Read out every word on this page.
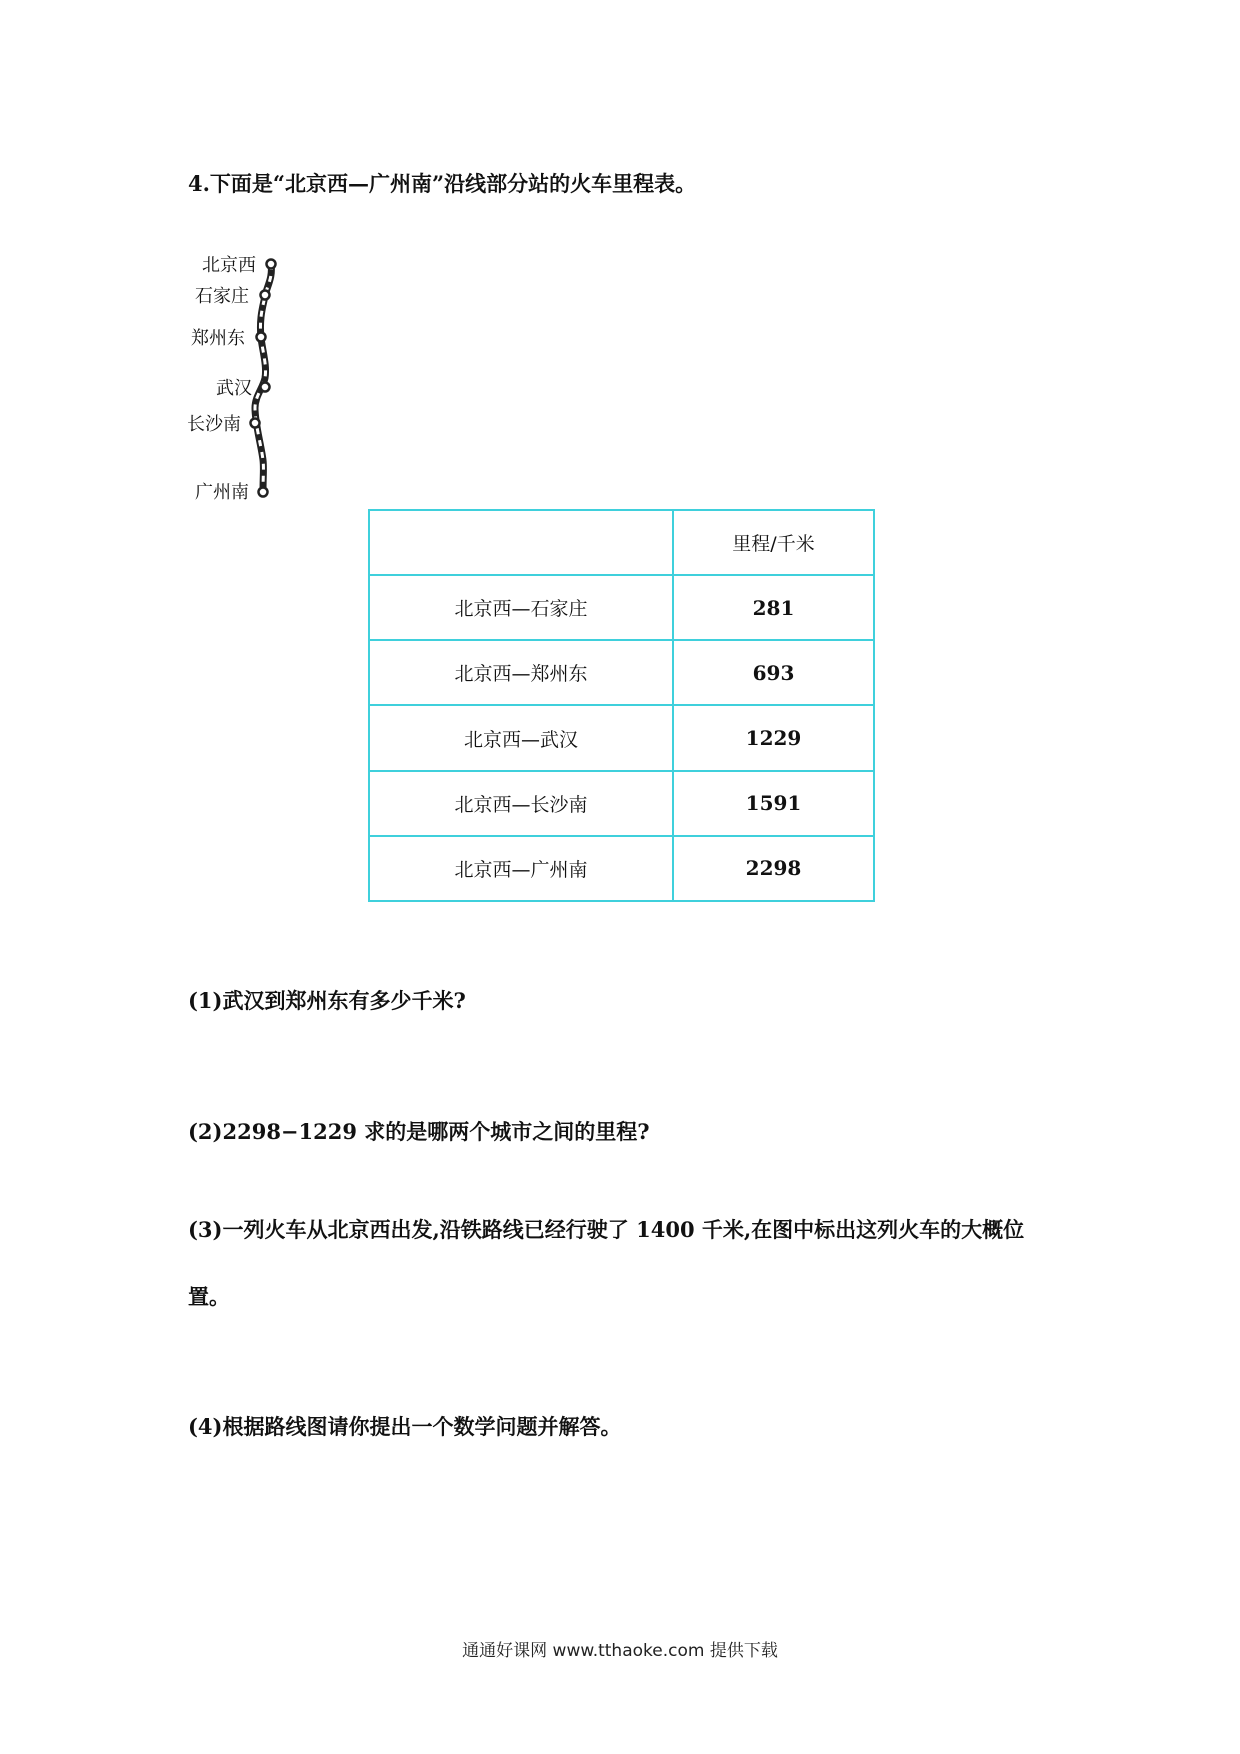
4.下面是“北京西—广州南”沿线部分站的火车里程表。
北京西
石家庄
郑州东
武汉
长沙南
广州南
	里程/千米
北京西—石家庄	281
北京西—郑州东	693
北京西—武汉	1229
北京西—长沙南	1591
北京西—广州南	2298
(1)武汉到郑州东有多少千米?
(2)2298−1229 求的是哪两个城市之间的里程?
(3)一列火车从北京西出发,沿铁路线已经行驶了 1400 千米,在图中标出这列火车的大概位
置。
(4)根据路线图请你提出一个数学问题并解答。
通通好课网 www.tthaoke.com 提供下载
